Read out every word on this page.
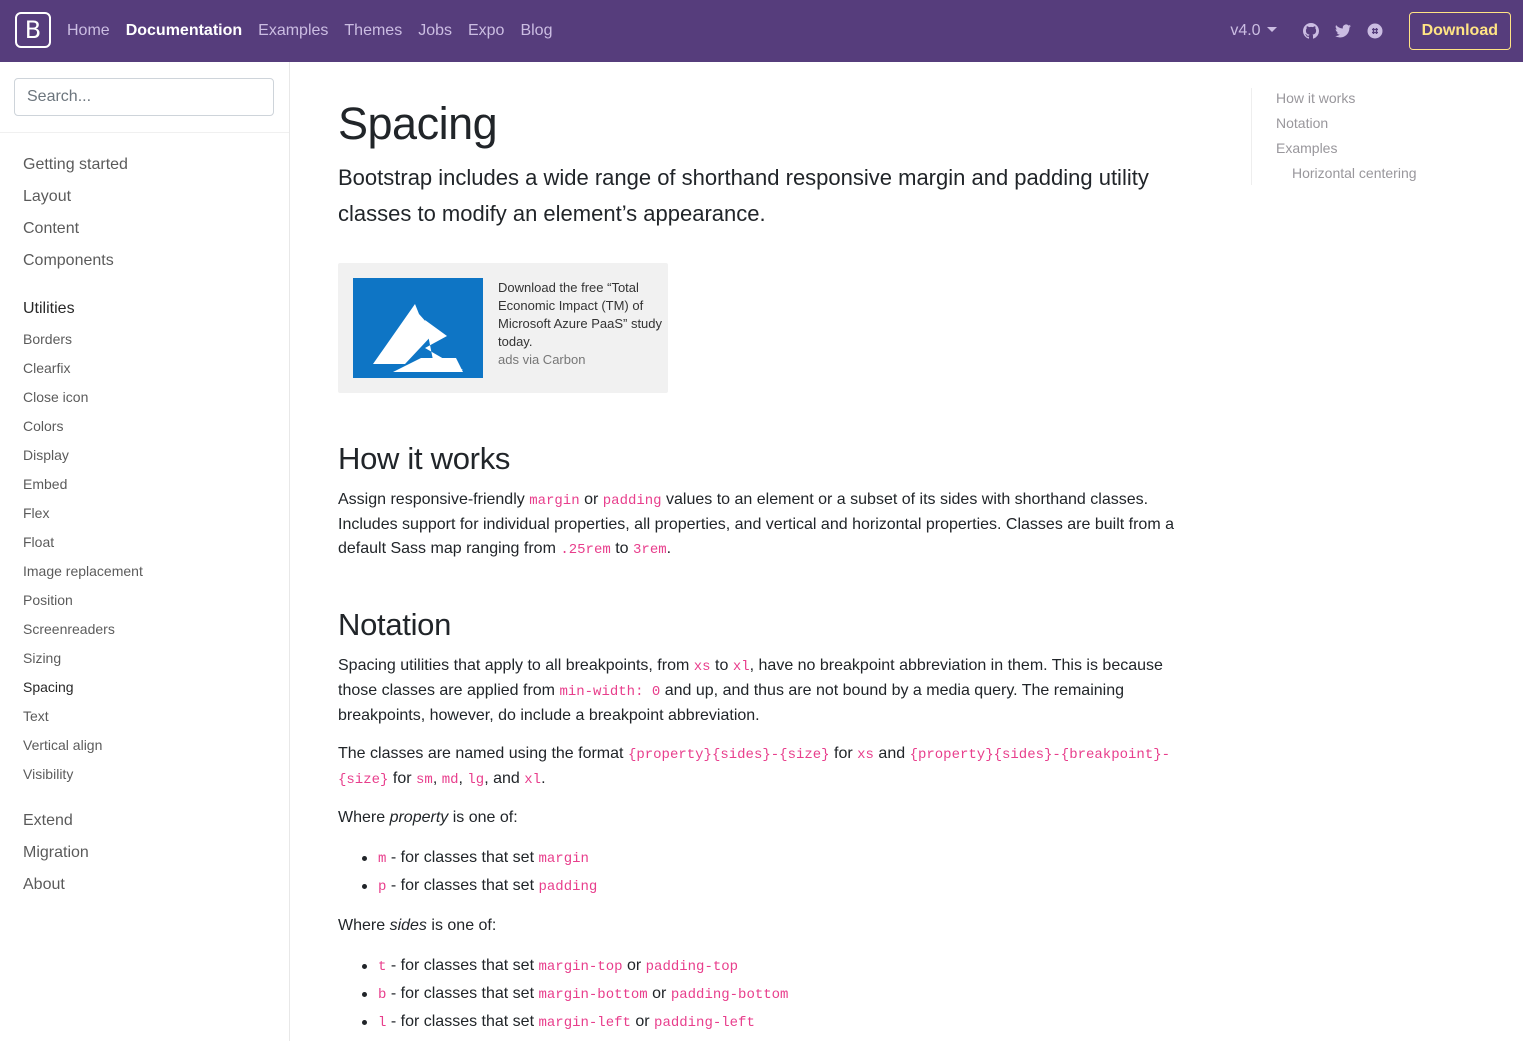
B	Home Documentation Examples Themes Jobs Expo Blog	v4.0	Download
Search...
Getting started
Layout
Content
Components
Utilities
Borders
Clearfix
Close icon
Colors
Display
Embed
Flex
Float
Image replacement
Position
Screenreaders
Sizing
Spacing
Text
Vertical align
Visibility
Extend
Migration
About
Spacing

Bootstrap includes a wide range of shorthand responsive margin and padding utility classes to modify an element’s appearance.

Download the free “Total Economic Impact (TM) of Microsoft Azure PaaS” study today.
ads via Carbon
How it works
Assign responsive-friendly margin or padding values to an element or a subset of its sides with shorthand classes.
Includes support for individual properties, all properties, and vertical and horizontal properties. Classes are built from a
default Sass map ranging from .25rem to 3rem.
Notation
Spacing utilities that apply to all breakpoints, from xs to xl, have no breakpoint abbreviation in them. This is because
those classes are applied from min-width: 0 and up, and thus are not bound by a media query. The remaining
breakpoints, however, do include a breakpoint abbreviation.
The classes are named using the format {property}{sides}-{size} for xs and {property}{sides}-{breakpoint}-
{size} for sm, md, lg, and xl.
Where property is one of:
m - for classes that set margin
p - for classes that set padding
Where sides is one of:
t - for classes that set margin-top or padding-top
b - for classes that set margin-bottom or padding-bottom
l - for classes that set margin-left or padding-left
How it works
Notation
Examples
Horizontal centering
